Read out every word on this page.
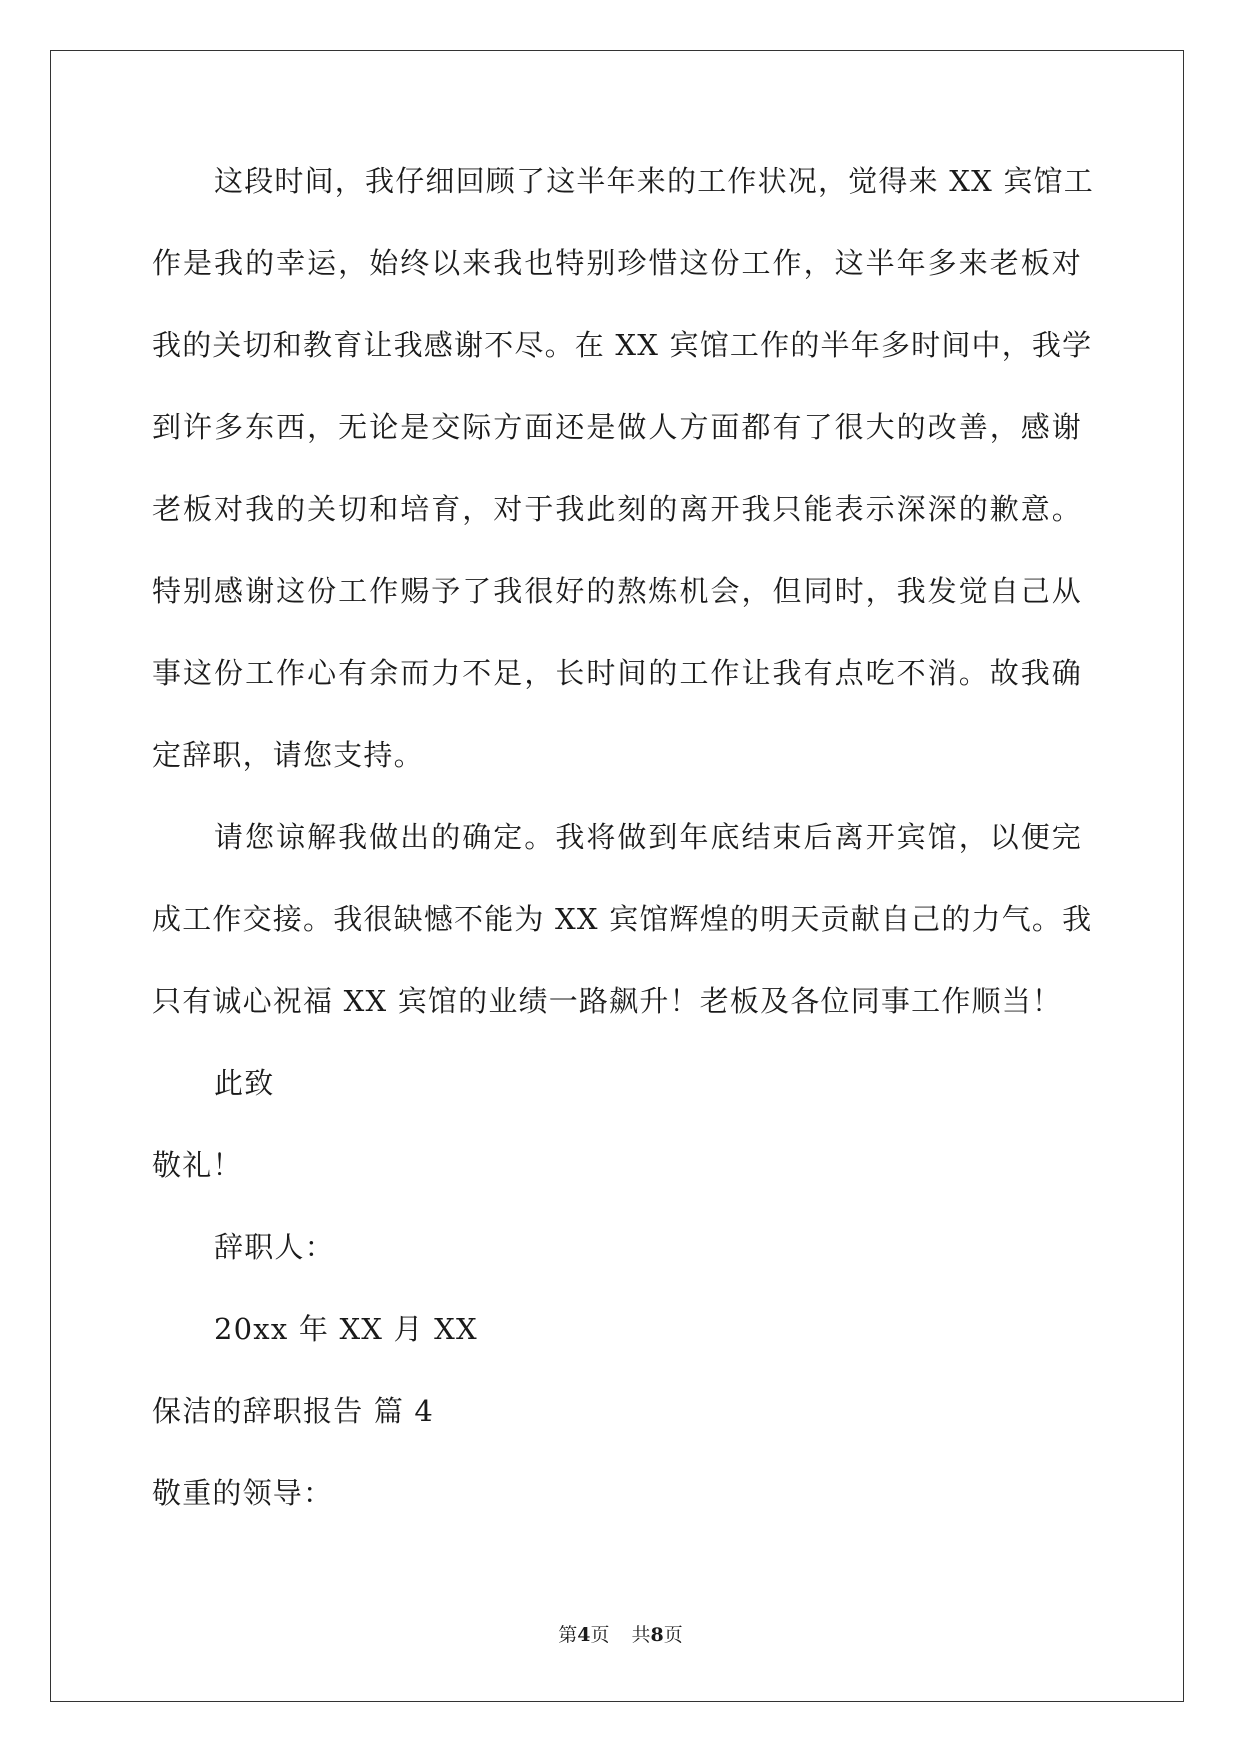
这段时间，我仔细回顾了这半年来的工作状况，觉得来 XX 宾馆工
作是我的幸运，始终以来我也特别珍惜这份工作，这半年多来老板对
我的关切和教育让我感谢不尽。在 XX 宾馆工作的半年多时间中，我学
到许多东西，无论是交际方面还是做人方面都有了很大的改善，感谢
老板对我的关切和培育，对于我此刻的离开我只能表示深深的歉意。
特别感谢这份工作赐予了我很好的熬炼机会，但同时，我发觉自己从
事这份工作心有余而力不足，长时间的工作让我有点吃不消。故我确
定辞职，请您支持。
请您谅解我做出的确定。我将做到年底结束后离开宾馆，以便完
成工作交接。我很缺憾不能为 XX 宾馆辉煌的明天贡献自己的力气。我
只有诚心祝福 XX 宾馆的业绩一路飙升！老板及各位同事工作顺当！
此致
敬礼！
辞职人：
20xx 年 XX 月 XX
保洁的辞职报告 篇 4
敬重的领导：
第4页 共8页
